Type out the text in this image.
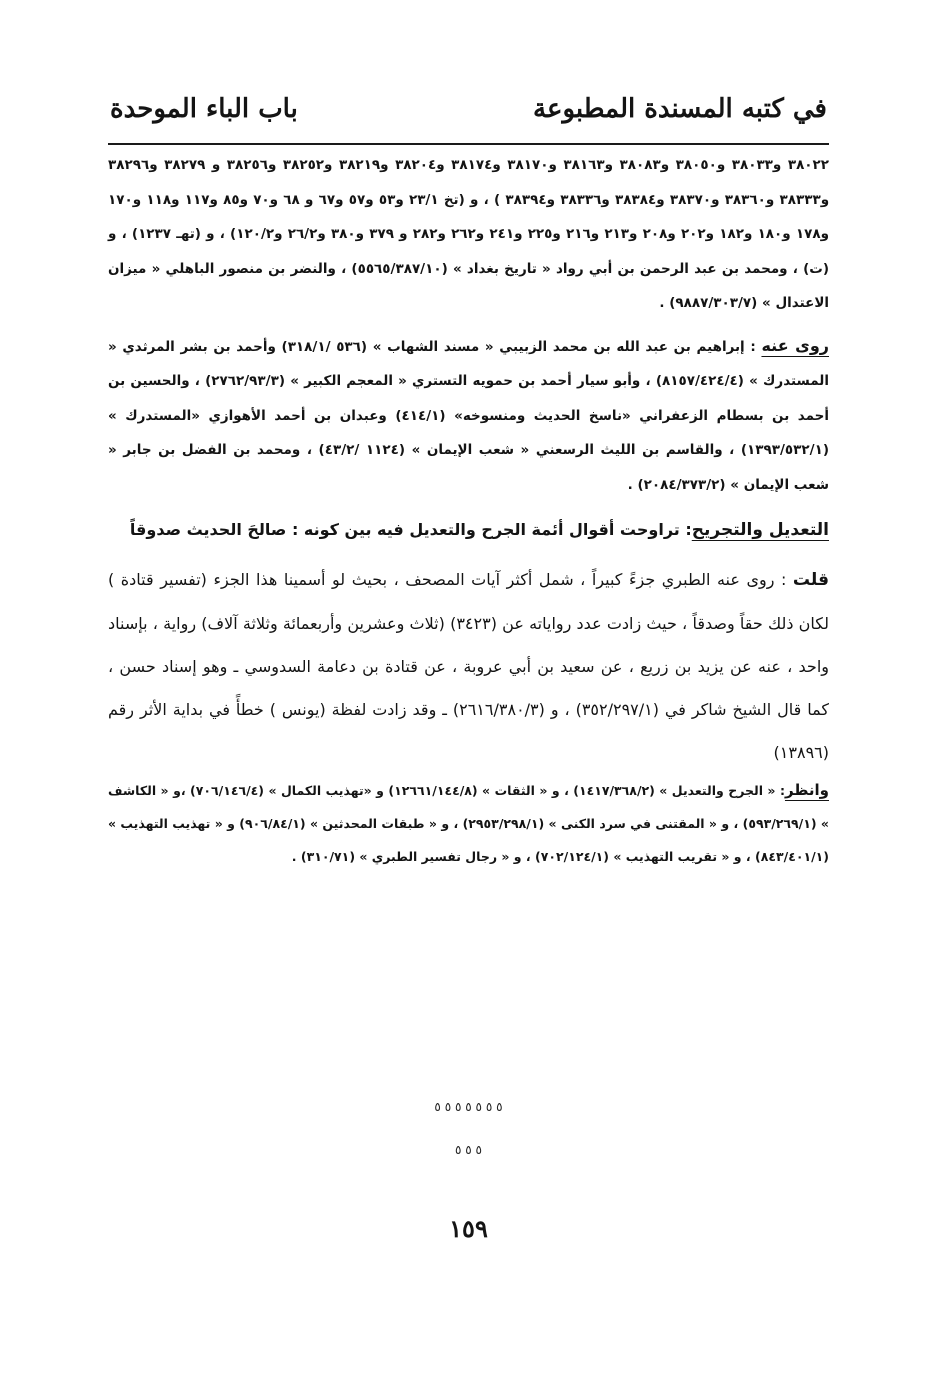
في كتبه المسندة المطبوعة
باب الباء الموحدة

٣٨٠٢٢ و٣٨٠٣٣ و٣٨٠٥٠ و٣٨٠٨٣ و٣٨١٦٣ و٣٨١٧٠ و٣٨١٧٤ و٣٨٢٠٤ و٣٨٢١٩ و٣٨٢٥٢ و٣٨٢٥٦ و ٣٨٢٧٩ و٣٨٢٩٦ و٣٨٣٣٣ و٣٨٣٦٠ و٣٨٣٧٠ و٣٨٣٨٤ و٣٨٣٣٦ و٣٨٣٩٤ ) ، و (تخ ٢٣/١ و٥٣ و٥٧ و٦٧ و ٦٨ و٧٠ و٨٥ و١١٧ و١١٨ و١٧٠ و١٧٨ و١٨٠ و١٨٢ و٢٠٢ و٢٠٨ و٢١٣ و٢١٦ و٢٢٥ و٢٤١ و٢٦٢ و٢٨٢ و ٣٧٩ و٣٨٠ و٢٦/٢ و١٢٠/٢) ، و (تهـ ١٢٣٧) ، و (ت) ، ومحمد بن عبد الرحمن بن أبي رواد « تاريخ بغداد » (٥٥٦٥/٣٨٧/١٠) ، والنضر بن منصور الباهلي « ميزان الاعتدال » (٩٨٨٧/٣٠٣/٧) .

روى عنه : إبراهيم بن عبد الله بن محمد الزبيبي « مسند الشهاب » (٥٣٦ /٣١٨/١) وأحمد بن بشر المرثدي « المستدرك » (٨١٥٧/٤٢٤/٤) ، وأبو سيار أحمد بن حمويه التستري « المعجم الكبير » (٢٧٦٢/٩٣/٣) ، والحسين بن أحمد بن بسطام الزعفراني «ناسخ الحديث ومنسوخه» (٤١٤/١) وعبدان بن أحمد الأهوازي «المستدرك » (١٣٩٣/٥٣٢/١) ، والقاسم بن الليث الرسعني « شعب الإيمان » (١١٢٤ /٤٣/٢) ، ومحمد بن الفضل بن جابر « شعب الإيمان » (٢٠٨٤/٣٧٣/٢) .

التعديل والتجريح: تراوحت أقوال أئمة الجرح والتعديل فيه بين كونه : صالحَ الحديث صدوقاً

قلت : روى عنه الطبري جزءً كبيراً ، شمل أكثر آيات المصحف ، بحيث لو أسمينا هذا الجزء (تفسير قتادة ) لكان ذلك حقاً وصدقاً ، حيث زادت عدد رواياته عن (٣٤٢٣) (ثلاث وعشرين وأربعمائة وثلاثة آلاف) رواية ، بإسناد واحد ، عنه عن يزيد بن زريع ، عن سعيد بن أبي عروبة ، عن قتادة بن دعامة السدوسي ـ وهو إسناد حسن ، كما قال الشيخ شاكر في (٣٥٢/٢٩٧/١) ، و (٢٦١٦/٣٨٠/٣) ـ وقد زادت لفظة (يونس ) خطأً في بداية الأثر رقم (١٣٨٩٦)

وانظر: « الجرح والتعديل » (١٤١٧/٣٦٨/٢) ، و « الثقات » (١٢٦٦١/١٤٤/٨) و «تهذيب الكمال » (٧٠٦/١٤٦/٤) ،و « الكاشف » (٥٩٣/٢٦٩/١) ، و « المقتنى في سرد الكنى » (٢٩٥٣/٢٩٨/١) ، و « طبقات المحدثين » (٩٠٦/٨٤/١) و « تهذيب التهذيب » (٨٤٣/٤٠١/١) ، و « تقريب التهذيب » (٧٠٢/١٢٤/١) ، و « رجال تفسير الطبري » (٣١٠/٧١) .

٥ ٥ ٥ ٥ ٥ ٥ ٥
٥ ٥ ٥
١٥٩
